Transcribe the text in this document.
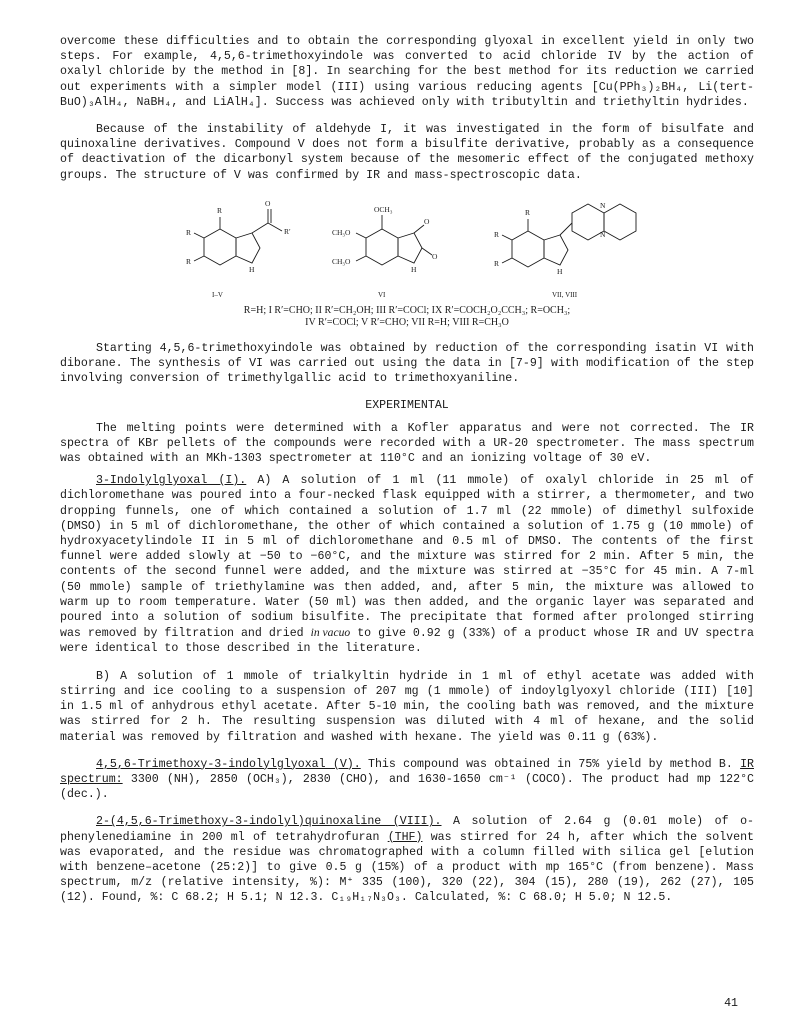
overcome these difficulties and to obtain the corresponding glyoxal in excellent yield in only two steps. For example, 4,5,6-trimethoxyindole was converted to acid chloride IV by the action of oxalyl chloride by the method in [8]. In searching for the best method for its reduction we carried out experiments with a simpler model (III) using various reducing agents [Cu(PPh₃)₂BH₄, Li(tert-BuO)₃AlH₄, NaBH₄, and LiAlH₄]. Success was achieved only with tributyltin and triethyltin hydrides.

Because of the instability of aldehyde I, it was investigated in the form of bisulfate and quinoxaline derivatives. Compound V does not form a bisulfite derivative, probably as a consequence of deactivation of the dicarbonyl system because of the mesomeric effect of the conjugated methoxy groups. The structure of V was confirmed by IR and mass-spectroscopic data.

R
R
R
O
R′
H
OCH₃
CH₃O
CH₃O
O
O
H
R
R
R
N
N
H
I–V	VI	VII, VIII

R=H; I R′=CHO; II R′=CH₂OH; III R′=COCl; IX R′=COCH₂O₂CCH₃; R=OCH₃;

IV R′=COCl; V R′=CHO; VII R=H; VIII R=CH₃O

Starting 4,5,6-trimethoxyindole was obtained by reduction of the corresponding isatin VI with diborane. The synthesis of VI was carried out using the data in [7-9] with modification of the step involving conversion of trimethylgallic acid to trimethoxyaniline.

EXPERIMENTAL

The melting points were determined with a Kofler apparatus and were not corrected. The IR spectra of KBr pellets of the compounds were recorded with a UR-20 spectrometer. The mass spectrum was obtained with an MKh-1303 spectrometer at 110°C and an ionizing voltage of 30 eV.

3-Indolylglyoxal (I). A) A solution of 1 ml (11 mmole) of oxalyl chloride in 25 ml of dichloromethane was poured into a four-necked flask equipped with a stirrer, a thermometer, and two dropping funnels, one of which contained a solution of 1.7 ml (22 mmole) of dimethyl sulfoxide (DMSO) in 5 ml of dichloromethane, the other of which contained a solution of 1.75 g (10 mmole) of hydroxyacetylindole II in 5 ml of dichloromethane and 0.5 ml of DMSO. The contents of the first funnel were added slowly at −50 to −60°C, and the mixture was stirred for 2 min. After 5 min, the contents of the second funnel were added, and the mixture was stirred at −35°C for 45 min. A 7-ml (50 mmole) sample of triethylamine was then added, and, after 5 min, the mixture was allowed to warm up to room temperature. Water (50 ml) was then added, and the organic layer was separated and poured into a solution of sodium bisulfite. The precipitate that formed after prolonged stirring was removed by filtration and dried in vacuo to give 0.92 g (33%) of a product whose IR and UV spectra were identical to those described in the literature.

B) A solution of 1 mmole of trialkyltin hydride in 1 ml of ethyl acetate was added with stirring and ice cooling to a suspension of 207 mg (1 mmole) of indoylglyoxyl chloride (III) [10] in 1.5 ml of anhydrous ethyl acetate. After 5-10 min, the cooling bath was removed, and the mixture was stirred for 2 h. The resulting suspension was diluted with 4 ml of hexane, and the solid material was removed by filtration and washed with hexane. The yield was 0.11 g (63%).

4,5,6-Trimethoxy-3-indolylglyoxal (V). This compound was obtained in 75% yield by method B. IR spectrum: 3300 (NH), 2850 (OCH₃), 2830 (CHO), and 1630-1650 cm⁻¹ (COCO). The product had mp 122°C (dec.).

2-(4,5,6-Trimethoxy-3-indolyl)quinoxaline (VIII). A solution of 2.64 g (0.01 mole) of o-phenylenediamine in 200 ml of tetrahydrofuran (THF) was stirred for 24 h, after which the solvent was evaporated, and the residue was chromatographed with a column filled with silica gel [elution with benzene–acetone (25:2)] to give 0.5 g (15%) of a product with mp 165°C (from benzene). Mass spectrum, m/z (relative intensity, %): M⁺ 335 (100), 320 (22), 304 (15), 280 (19), 262 (27), 105 (12). Found, %: C 68.2; H 5.1; N 12.3. C₁₉H₁₇N₃O₃. Calculated, %: C 68.0; H 5.0; N 12.5.

41
